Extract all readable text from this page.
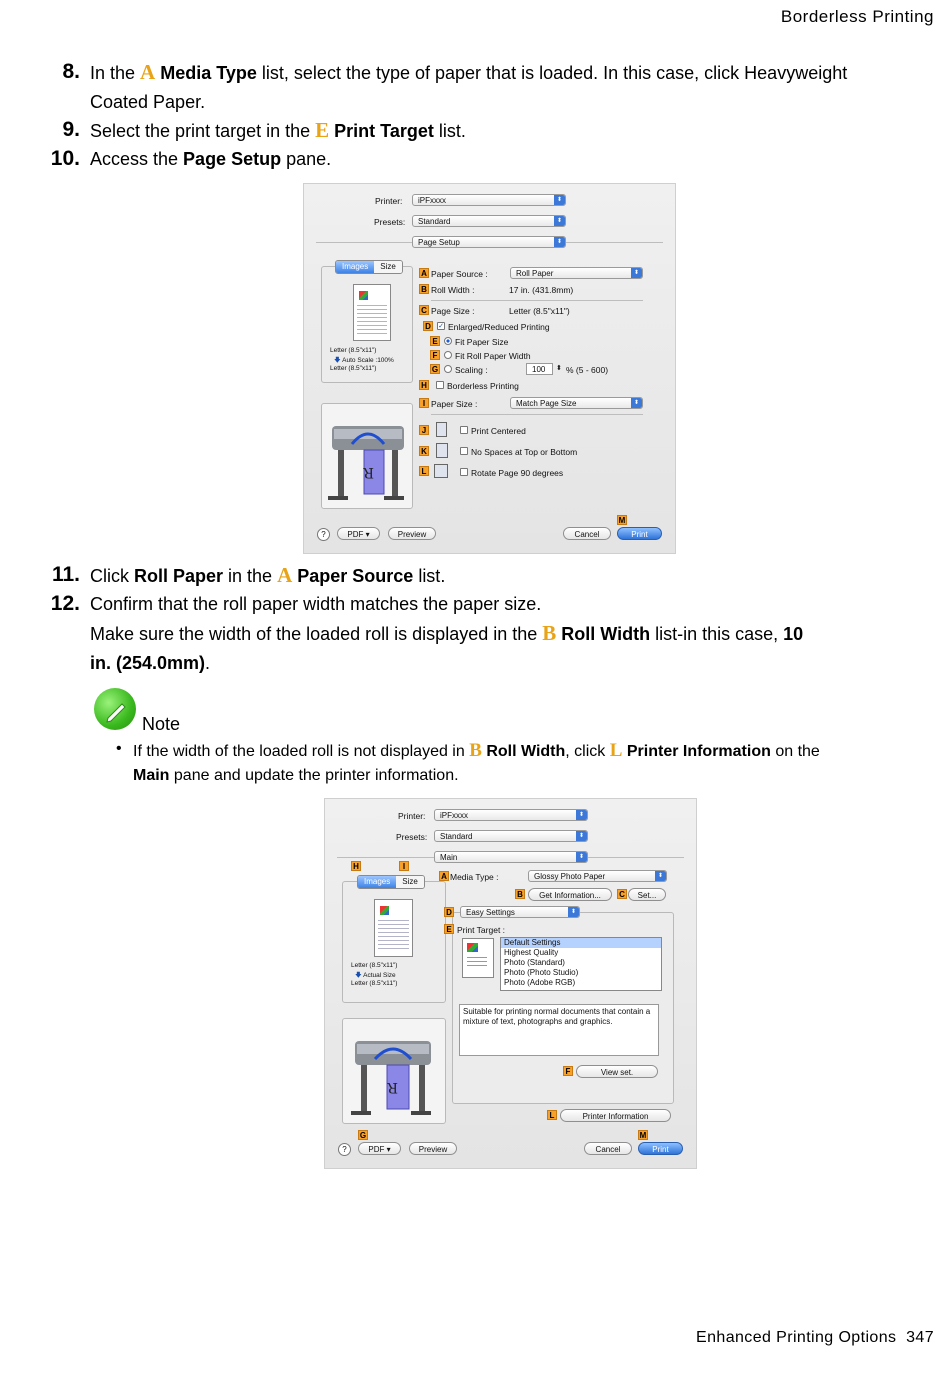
Borderless Printing
8. In the A Media Type list, select the type of paper that is loaded. In this case, click Heavyweight
Coated Paper.
9. Select the print target in the E Print Target list.
10. Access the Page Setup pane.
Printer:	iPFxxxx	⬍
Presets:	Standard	⬍
Page Setup	⬍
Images	Size
Letter (8.5"x11")
🡇 Auto Scale :100%
Letter (8.5"x11")
R
A Paper Source :	Roll Paper	⬍
B Roll Width :	17 in. (431.8mm)
C Page Size :	Letter (8.5"x11")
D	✓ Enlarged/Reduced Printing
E Fit Paper Size
F	Fit Roll Paper Width
G Scaling :	100	⬍ % (5 - 600)
H Borderless Printing
I Paper Size :	Match Page Size	⬍
J	Print Centered
K	No Spaces at Top or Bottom
L	Rotate Page 90 degrees
M
?	PDF ▾	Preview	Cancel	Print
11. Click Roll Paper in the A Paper Source list.
12. Confirm that the roll paper width matches the paper size.
Make sure the width of the loaded roll is displayed in the B Roll Width list-in this case, 10
in. (254.0mm).
Note
• If the width of the loaded roll is not displayed in B Roll Width, click L Printer Information on the
Main pane and update the printer information.
Printer:	iPFxxxx	⬍
Presets:	Standard	⬍
Main	⬍
H	I
Images	Size
Letter (8.5"x11")
🡇 Actual Size
Letter (8.5"x11")
R
A Media Type :	Glossy Photo Paper	⬍
B	Get Information...	C	Set...
D	Easy Settings	⬍
E Print Target :
Default Settings
Highest Quality
Photo (Standard)
Photo (Photo Studio)
Photo (Adobe RGB)
Suitable for printing normal documents that contain a mixture of text, photographs and graphics.
F	View set.
L	Printer Information
G	M
?	PDF ▾	Preview	Cancel	Print
Enhanced Printing Options 347
